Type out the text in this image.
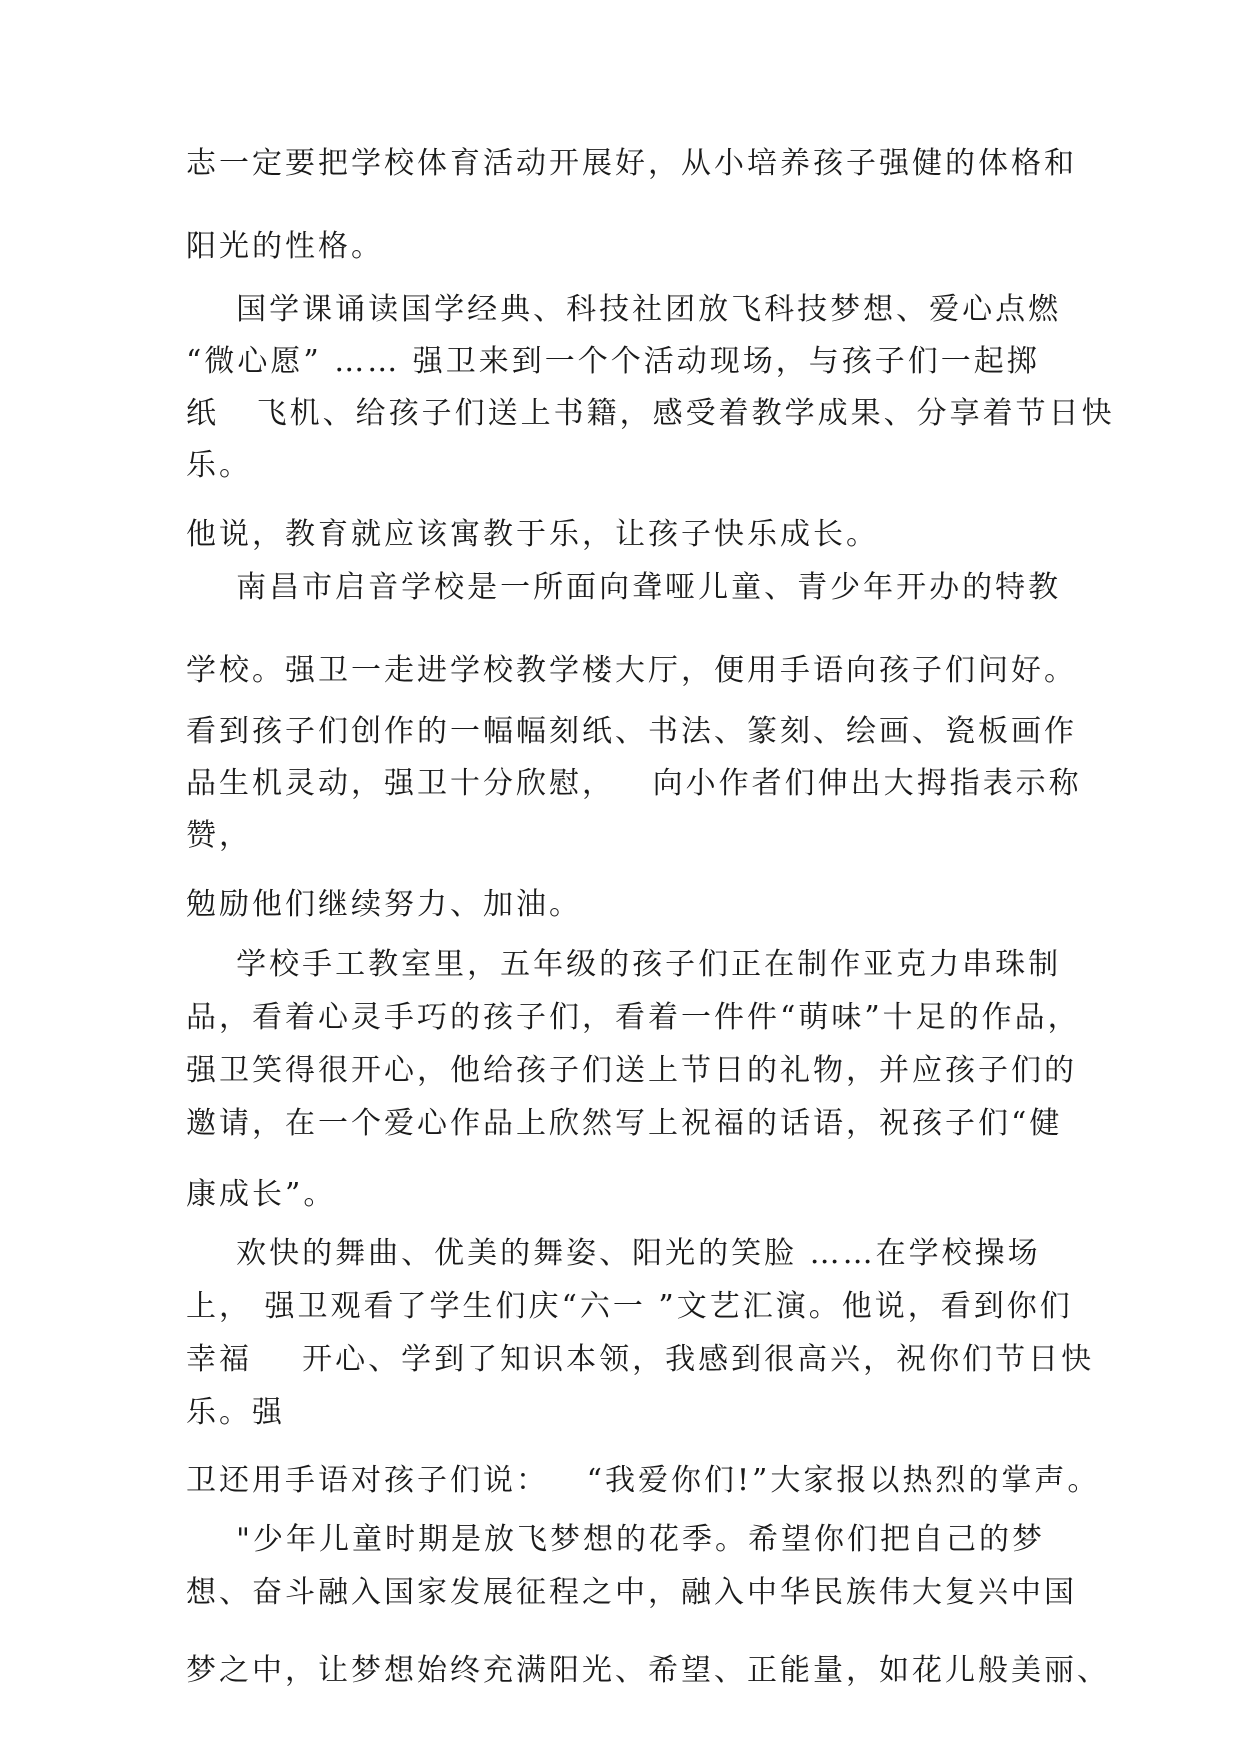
志一定要把学校体育活动开展好，从小培养孩子强健的体格和
阳光的性格。
国学课诵读国学经典、科技社团放飞科技梦想、爱心点燃
“微心愿” …… 强卫来到一个个活动现场，与孩子们一起掷
纸   飞机、给孩子们送上书籍，感受着教学成果、分享着节日快
乐。
他说，教育就应该寓教于乐，让孩子快乐成长。
南昌市启音学校是一所面向聋哑儿童、青少年开办的特教
学校。强卫一走进学校教学楼大厅，便用手语向孩子们问好。
看到孩子们创作的一幅幅刻纸、书法、篆刻、绘画、瓷板画作
品生机灵动，强卫十分欣慰，   向小作者们伸出大拇指表示称
赞，
勉励他们继续努力、加油。
学校手工教室里，五年级的孩子们正在制作亚克力串珠制
品，看着心灵手巧的孩子们，看着一件件“萌味”十足的作品，
强卫笑得很开心，他给孩子们送上节日的礼物，并应孩子们的
邀请，在一个爱心作品上欣然写上祝福的话语，祝孩子们“健
康成长”。
欢快的舞曲、优美的舞姿、阳光的笑脸 ……在学校操场
上， 强卫观看了学生们庆“六一 ”文艺汇演。他说，看到你们
幸福    开心、学到了知识本领，我感到很高兴，祝你们节日快
乐。强
卫还用手语对孩子们说：   “我爱你们!”大家报以热烈的掌声。
"少年儿童时期是放飞梦想的花季。希望你们把自己的梦
想、奋斗融入国家发展征程之中，融入中华民族伟大复兴中国
梦之中，让梦想始终充满阳光、希望、正能量，如花儿般美丽、
